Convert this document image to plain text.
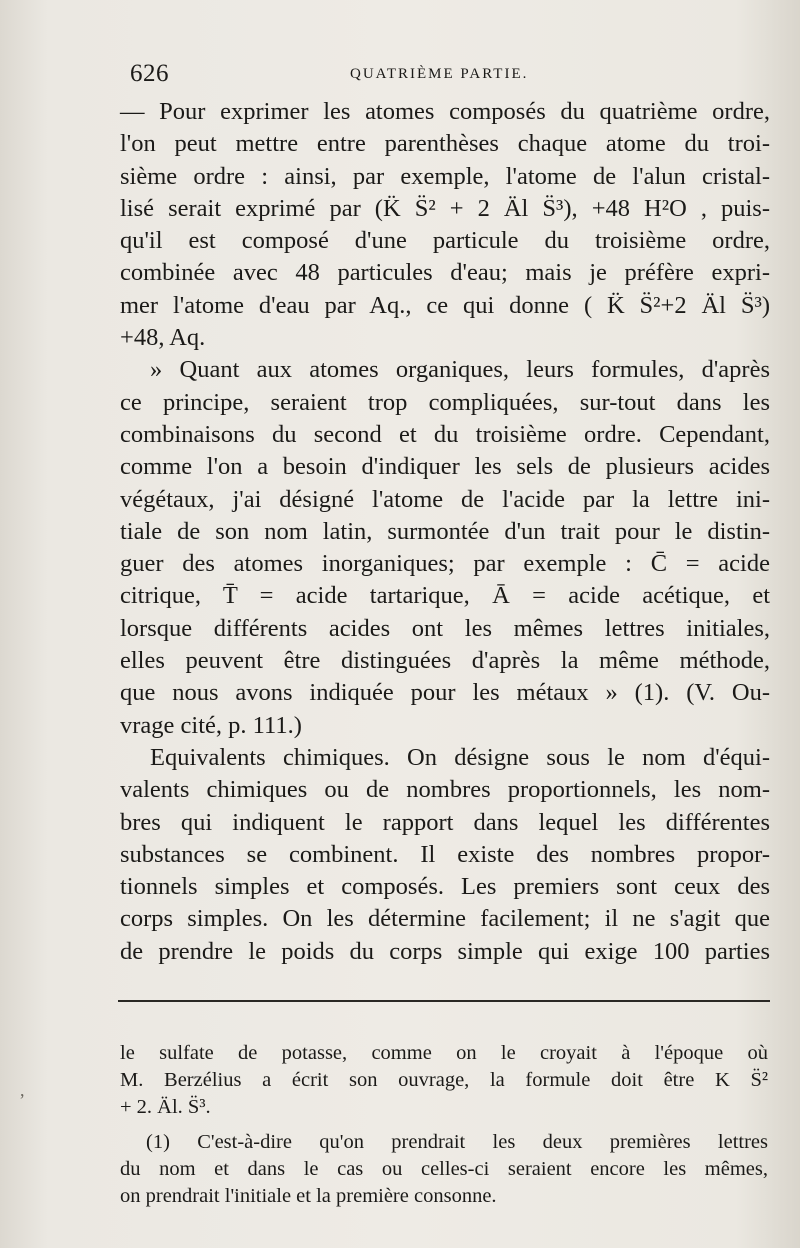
626	QUATRIÈME PARTIE.
— Pour exprimer les atomes composés du quatrième ordre,
l'on peut mettre entre parenthèses chaque atome du troi-
sième ordre : ainsi, par exemple, l'atome de l'alun cristal-
lisé serait exprimé par (K̈ S̈² + 2 Äl S̈³), +48 H²O , puis-
qu'il est composé d'une particule du troisième ordre,
combinée avec 48 particules d'eau; mais je préfère expri-
mer l'atome d'eau par Aq., ce qui donne ( K̈ S̈²+2 Äl S̈³)
+48, Aq.
» Quant aux atomes organiques, leurs formules, d'après
ce principe, seraient trop compliquées, sur-tout dans les
combinaisons du second et du troisième ordre. Cependant,
comme l'on a besoin d'indiquer les sels de plusieurs acides
végétaux, j'ai désigné l'atome de l'acide par la lettre ini-
tiale de son nom latin, surmontée d'un trait pour le distin-
guer des atomes inorganiques; par exemple : C̄ = acide
citrique, T̄ = acide tartarique, Ā = acide acétique, et
lorsque différents acides ont les mêmes lettres initiales,
elles peuvent être distinguées d'après la même méthode,
que nous avons indiquée pour les métaux » (1). (V. Ou-
vrage cité, p. 111.)
Equivalents chimiques. On désigne sous le nom d'équi-
valents chimiques ou de nombres proportionnels, les nom-
bres qui indiquent le rapport dans lequel les différentes
substances se combinent. Il existe des nombres propor-
tionnels simples et composés. Les premiers sont ceux des
corps simples. On les détermine facilement; il ne s'agit que
de prendre le poids du corps simple qui exige 100 parties
le sulfate de potasse, comme on le croyait à l'époque où
M. Berzélius a écrit son ouvrage, la formule doit être K S̈²
+ 2. Äl. S̈³.
(1) C'est-à-dire qu'on prendrait les deux premières lettres
du nom et dans le cas ou celles-ci seraient encore les mêmes,
on prendrait l'initiale et la première consonne.
,
